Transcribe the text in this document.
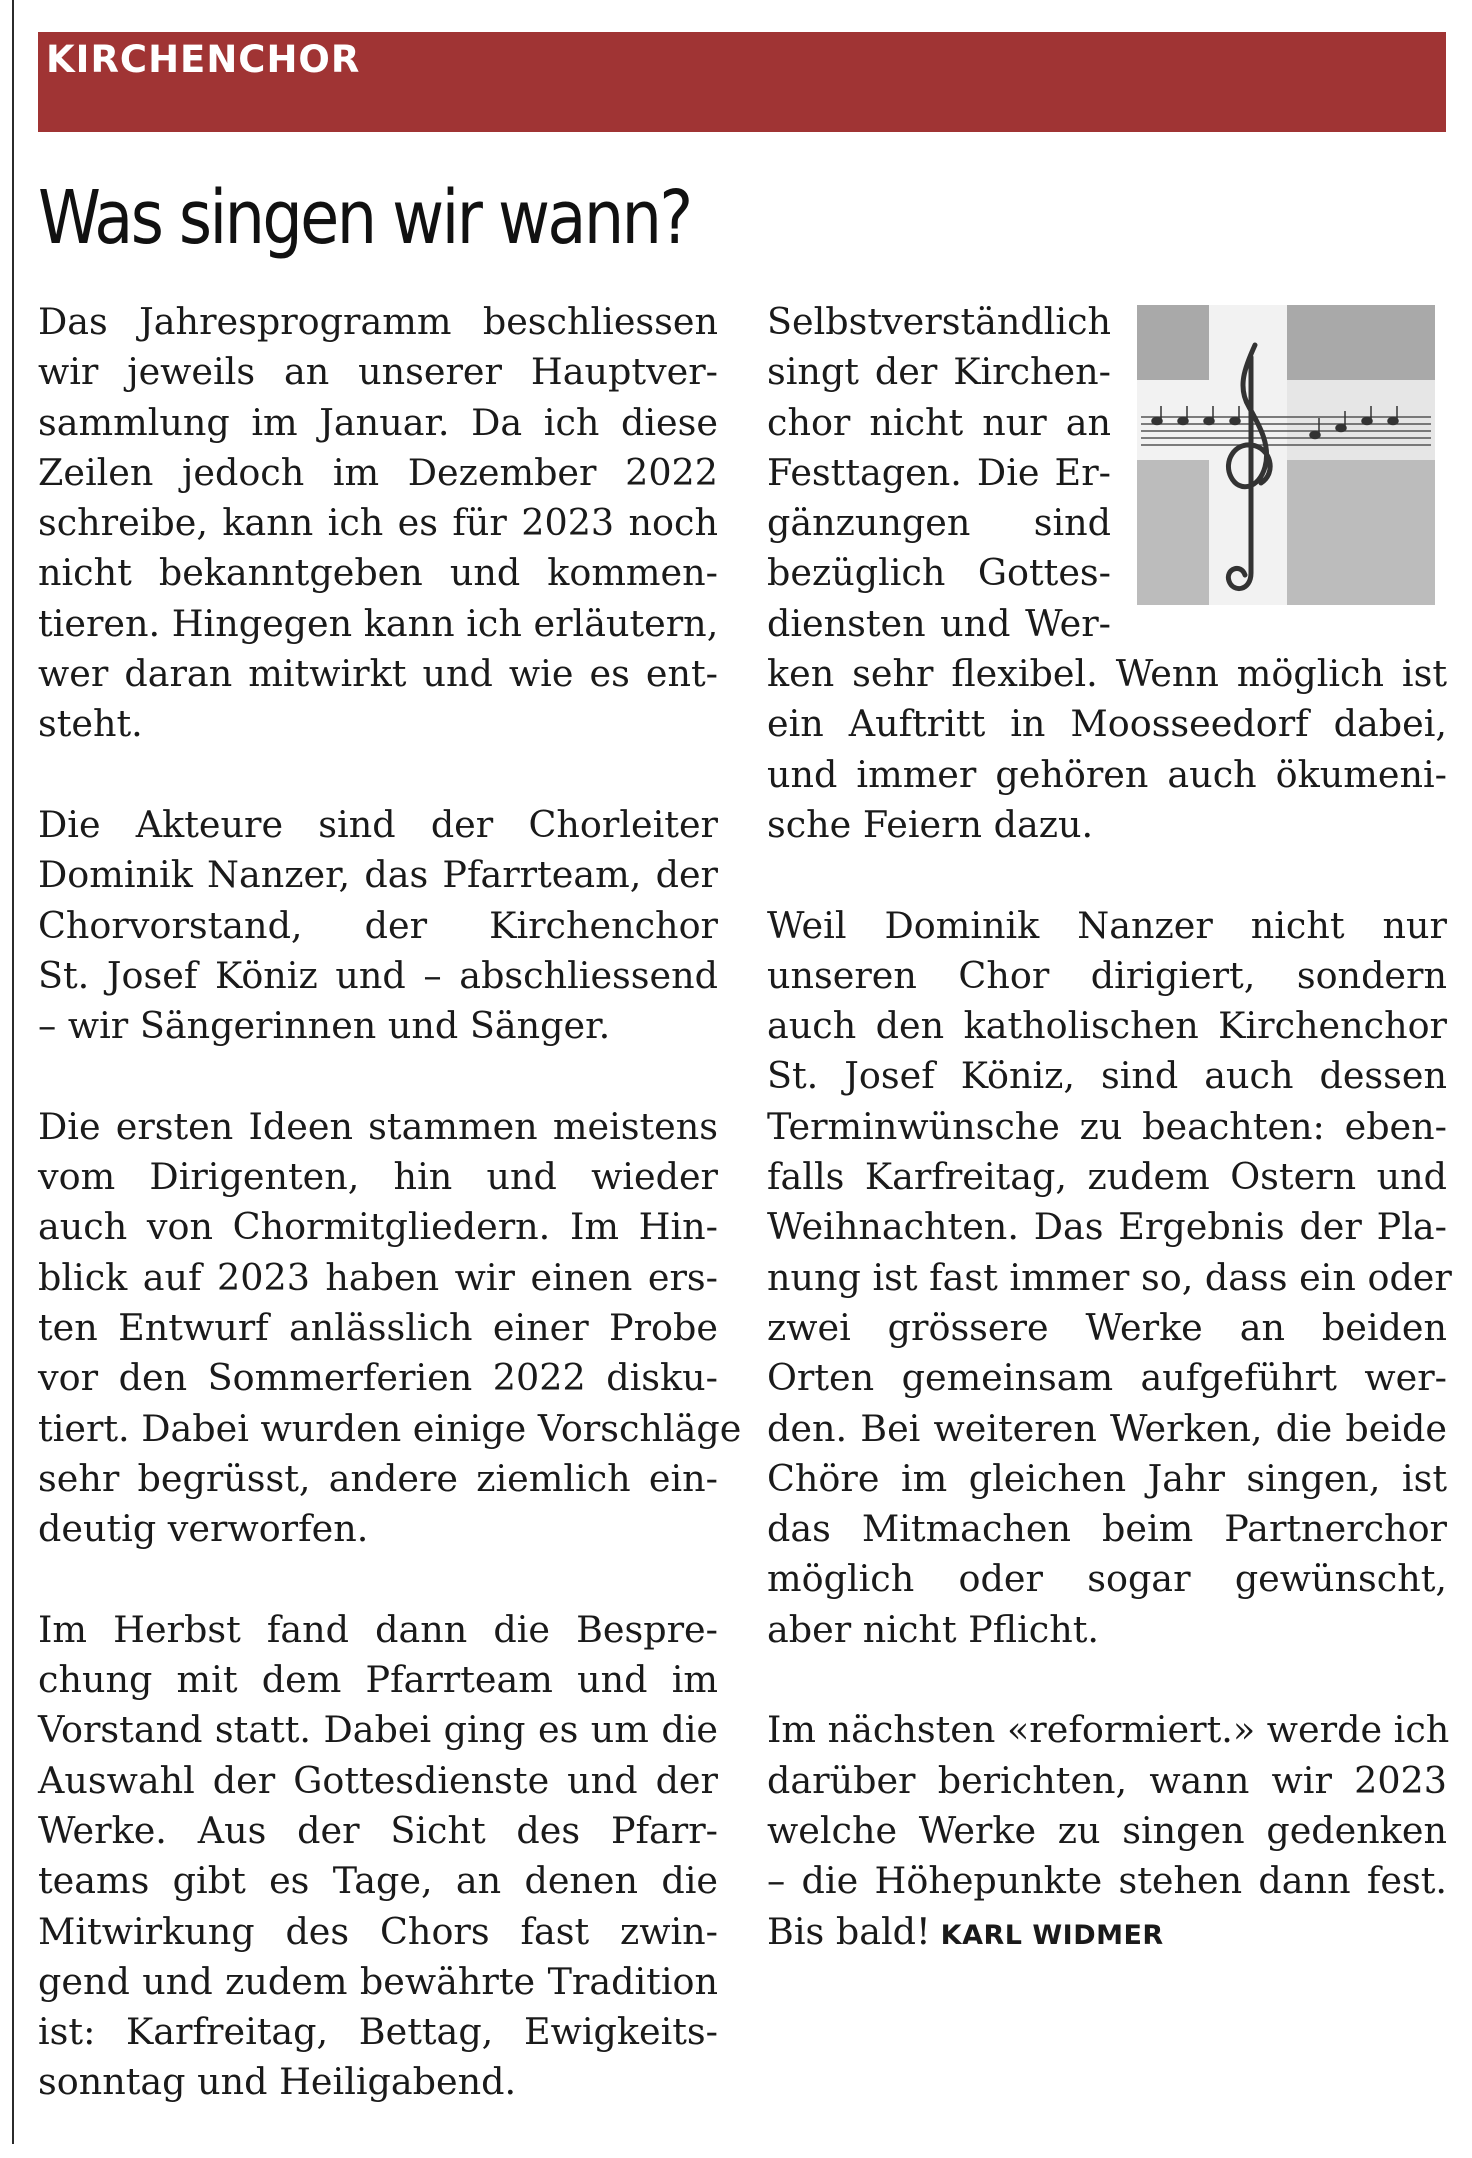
KIRCHENCHOR
Was singen wir wann?

Das Jahresprogramm beschliessen
wir jeweils an unserer Hauptver-
sammlung im Januar. Da ich diese
Zeilen jedoch im Dezember 2022
schreibe, kann ich es für 2023 noch
nicht bekanntgeben und kommen-
tieren. Hingegen kann ich erläutern,
wer daran mitwirkt und wie es ent-
steht.

Die Akteure sind der Chorleiter
Dominik Nanzer, das Pfarrteam, der
Chorvorstand, der Kirchenchor
St. Josef Köniz und – abschliessend
– wir Sängerinnen und Sänger.

Die ersten Ideen stammen meistens
vom Dirigenten, hin und wieder
auch von Chormitgliedern. Im Hin-
blick auf 2023 haben wir einen ers-
ten Entwurf anlässlich einer Probe
vor den Sommerferien 2022 disku-
tiert. Dabei wurden einige Vorschläge
sehr begrüsst, andere ziemlich ein-
deutig verworfen.

Im Herbst fand dann die Bespre-
chung mit dem Pfarrteam und im
Vorstand statt. Dabei ging es um die
Auswahl der Gottesdienste und der
Werke. Aus der Sicht des Pfarr-
teams gibt es Tage, an denen die
Mitwirkung des Chors fast zwin-
gend und zudem bewährte Tradition
ist: Karfreitag, Bettag, Ewigkeits-
sonntag und Heiligabend.

Selbstverständlich
singt der Kirchen-
chor nicht nur an
Festtagen. Die Er-
gänzungen sind
bezüglich Gottes-
diensten und Wer-
ken sehr flexibel. Wenn möglich ist
ein Auftritt in Moosseedorf dabei,
und immer gehören auch ökumeni-
sche Feiern dazu.

Weil Dominik Nanzer nicht nur
unseren Chor dirigiert, sondern
auch den katholischen Kirchenchor
St. Josef Köniz, sind auch dessen
Terminwünsche zu beachten: eben-
falls Karfreitag, zudem Ostern und
Weihnachten. Das Ergebnis der Pla-
nung ist fast immer so, dass ein oder
zwei grössere Werke an beiden
Orten gemeinsam aufgeführt wer-
den. Bei weiteren Werken, die beide
Chöre im gleichen Jahr singen, ist
das Mitmachen beim Partnerchor
möglich oder sogar gewünscht,
aber nicht Pflicht.

Im nächsten «reformiert.» werde ich
darüber berichten, wann wir 2023
welche Werke zu singen gedenken
– die Höhepunkte stehen dann fest.
Bis bald! KARL WIDMER
